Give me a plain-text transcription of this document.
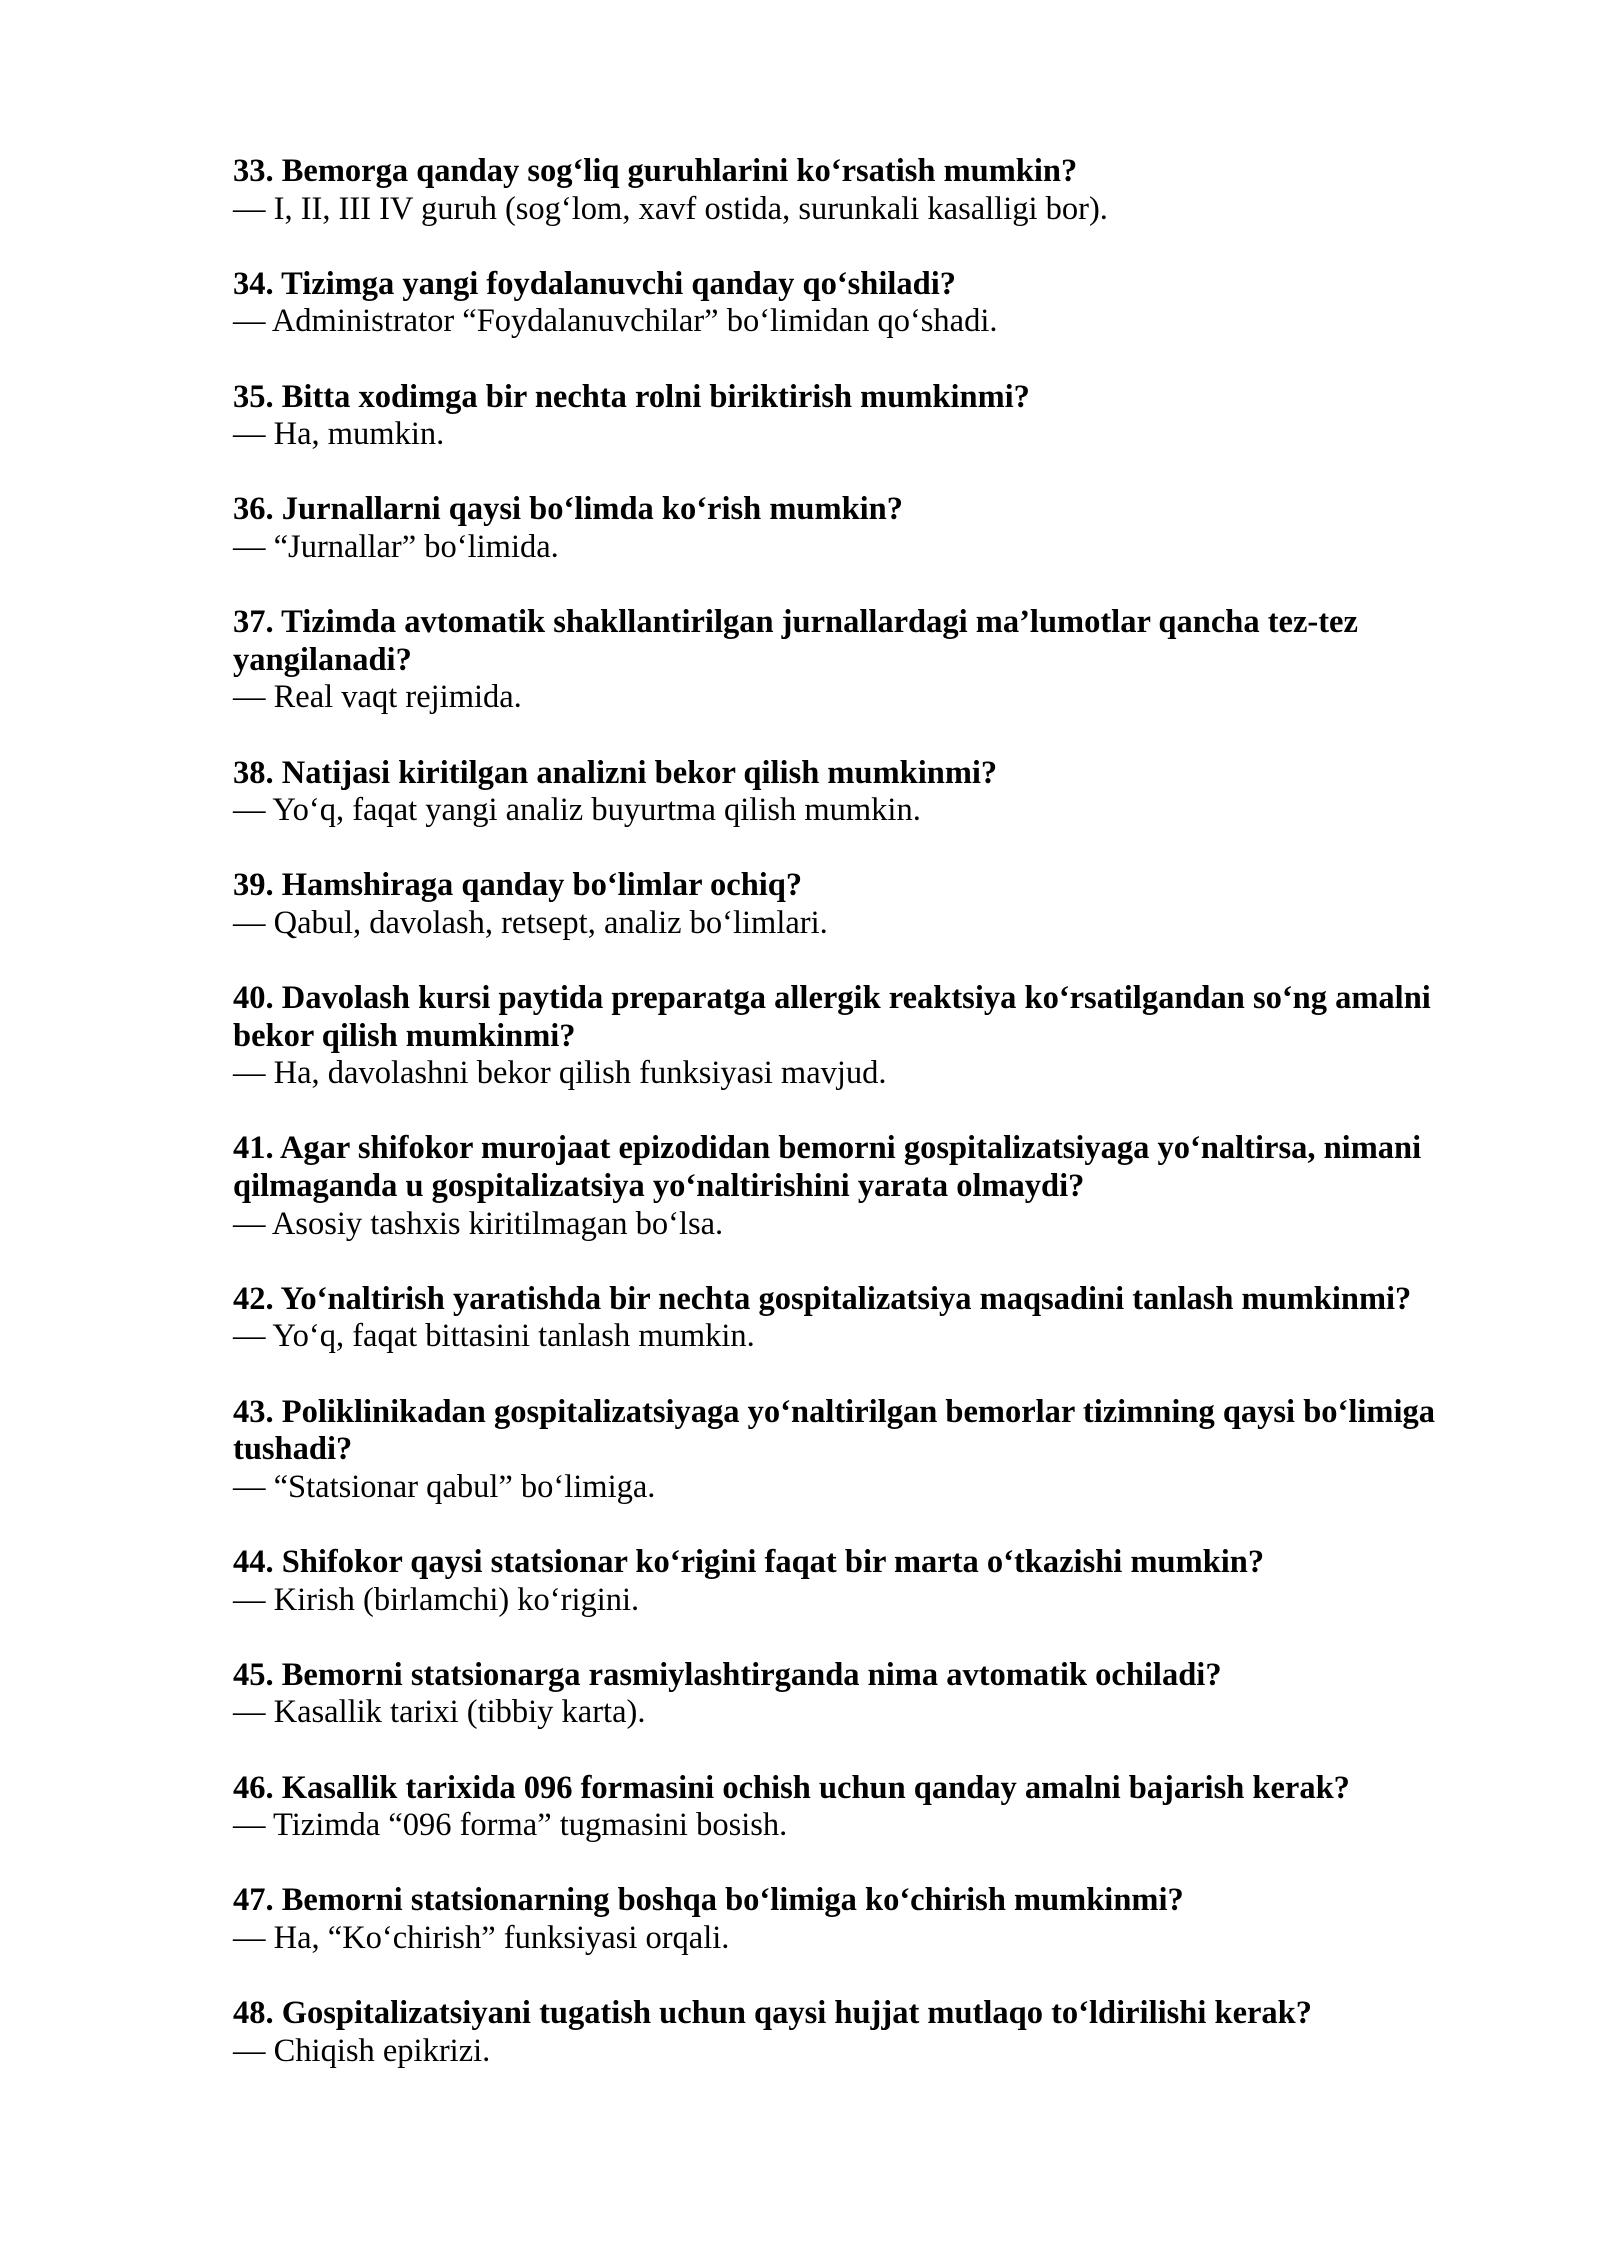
33. Bemorga qanday sog‘liq guruhlarini ko‘rsatish mumkin?
— I, II, III IV guruh (sog‘lom, xavf ostida, surunkali kasalligi bor).
34. Tizimga yangi foydalanuvchi qanday qo‘shiladi?
— Administrator “Foydalanuvchilar” bo‘limidan qo‘shadi.
35. Bitta xodimga bir nechta rolni biriktirish mumkinmi?
— Ha, mumkin.
36. Jurnallarni qaysi bo‘limda ko‘rish mumkin?
— “Jurnallar” bo‘limida.
37. Tizimda avtomatik shakllantirilgan jurnallardagi ma’lumotlar qancha tez-tez yangilanadi?
— Real vaqt rejimida.
38. Natijasi kiritilgan analizni bekor qilish mumkinmi?
— Yo‘q, faqat yangi analiz buyurtma qilish mumkin.
39. Hamshiraga qanday bo‘limlar ochiq?
— Qabul, davolash, retsept, analiz bo‘limlari.
40. Davolash kursi paytida preparatga allergik reaktsiya ko‘rsatilgandan so‘ng amalni bekor qilish mumkinmi?
— Ha, davolashni bekor qilish funksiyasi mavjud.
41. Agar shifokor murojaat epizodidan bemorni gospitalizatsiyaga yo‘naltirsa, nimani qilmaganda u gospitalizatsiya yo‘naltirishini yarata olmaydi?
— Asosiy tashxis kiritilmagan bo‘lsa.
42. Yo‘naltirish yaratishda bir nechta gospitalizatsiya maqsadini tanlash mumkinmi?
— Yo‘q, faqat bittasini tanlash mumkin.
43. Poliklinikadan gospitalizatsiyaga yo‘naltirilgan bemorlar tizimning qaysi bo‘limiga tushadi?
— “Statsionar qabul” bo‘limiga.
44. Shifokor qaysi statsionar ko‘rigini faqat bir marta o‘tkazishi mumkin?
— Kirish (birlamchi) ko‘rigini.
45. Bemorni statsionarga rasmiylashtirganda nima avtomatik ochiladi?
— Kasallik tarixi (tibbiy karta).
46. Kasallik tarixida 096 formasini ochish uchun qanday amalni bajarish kerak?
— Tizimda “096 forma” tugmasini bosish.
47. Bemorni statsionarning boshqa bo‘limiga ko‘chirish mumkinmi?
— Ha, “Ko‘chirish” funksiyasi orqali.
48. Gospitalizatsiyani tugatish uchun qaysi hujjat mutlaqo to‘ldirilishi kerak?
— Chiqish epikrizi.
